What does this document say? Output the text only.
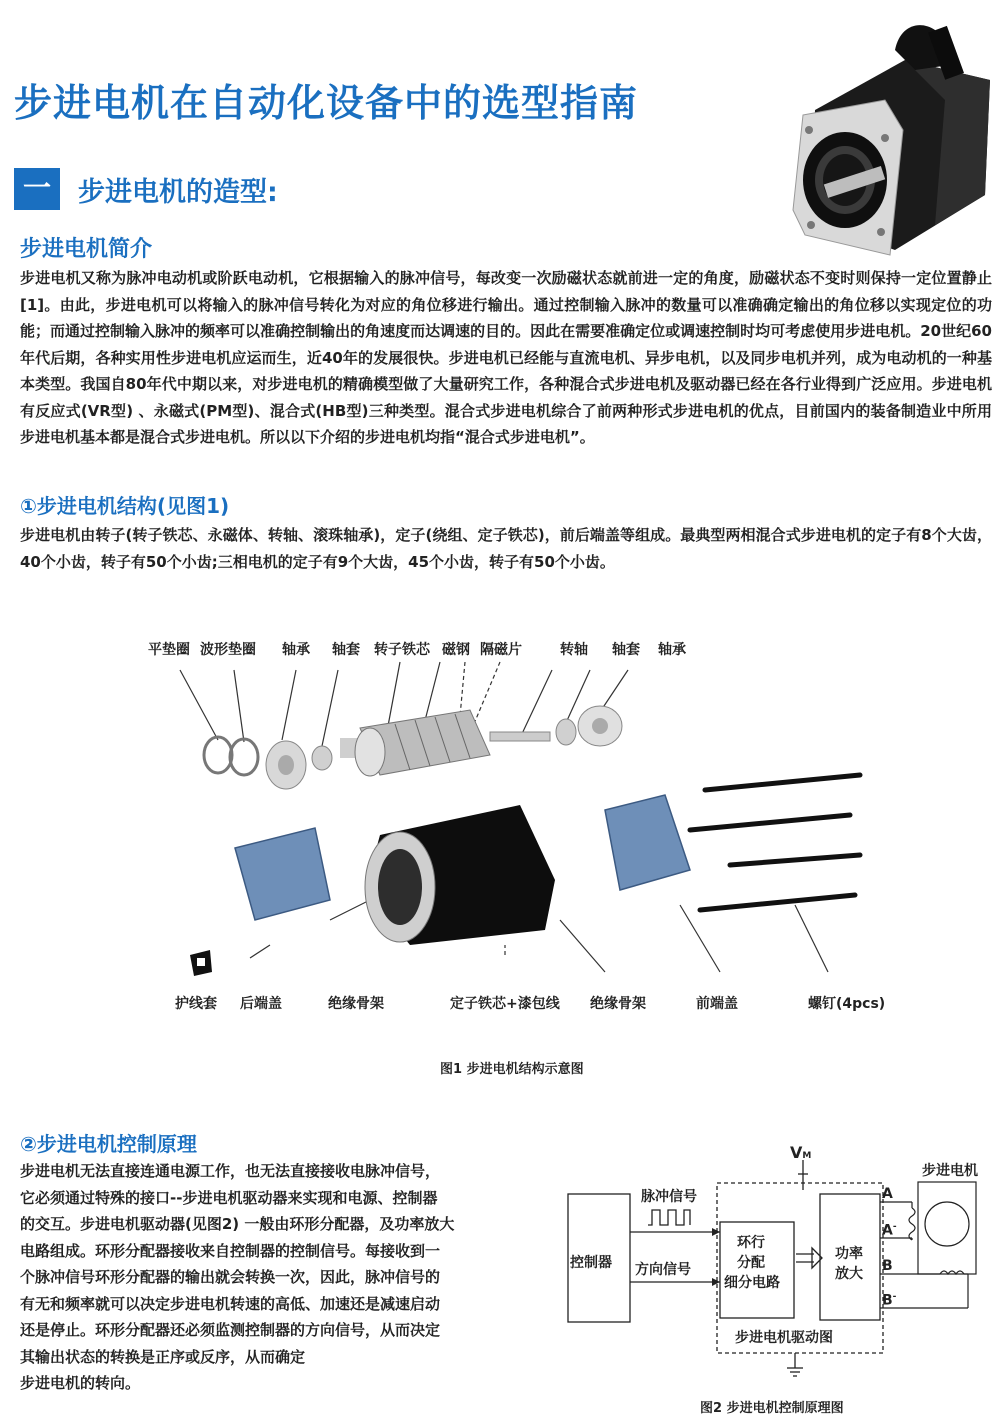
步进电机在自动化设备中的选型指南
一	步进电机的造型:
步进电机简介
步进电机又称为脉冲电动机或阶跃电动机，它根据输入的脉冲信号，每改变一次励磁状态就前进一定的角度，励磁状态不变时则保持一定位置静止[1]。由此，步进电机可以将输入的脉冲信号转化为对应的角位移进行输出。通过控制输入脉冲的数量可以准确确定输出的角位移以实现定位的功能；而通过控制输入脉冲的频率可以准确控制输出的角速度而达调速的目的。因此在需要准确定位或调速控制时均可考虑使用步进电机。20世纪60年代后期，各种实用性步进电机应运而生，近40年的发展很快。步进电机已经能与直流电机、异步电机，以及同步电机并列，成为电动机的一种基本类型。我国自80年代中期以来，对步进电机的精确模型做了大量研究工作，各种混合式步进电机及驱动器已经在各行业得到广泛应用。步进电机有反应式(VR型) 、永磁式(PM型)、混合式(HB型)三种类型。混合式步进电机综合了前两种形式步进电机的优点，目前国内的装备制造业中所用步进电机基本都是混合式步进电机。所以以下介绍的步进电机均指“混合式步进电机”。
①步进电机结构(见图1)
步进电机由转子(转子铁芯、永磁体、转轴、滚珠轴承)，定子(绕组、定子铁芯)，前后端盖等组成。最典型两相混合式步进电机的定子有8个大齿，40个小齿，转子有50个小齿;三相电机的定子有9个大齿，45个小齿，转子有50个小齿。
平垫圈 波形垫圈 轴承 轴套 转子铁芯 磁钢 隔磁片	转轴 轴套 轴承
护线套 后端盖	绝缘骨架	定子铁芯+漆包线 绝缘骨架	前端盖	螺钉(4pcs)
图1 步进电机结构示意图
②步进电机控制原理
步进电机无法直接连通电源工作，也无法直接接收电脉冲信号，
它必须通过特殊的接口--步进电机驱动器来实现和电源、控制器
的交互。步进电机驱动器(见图2) 一般由环形分配器，及功率放大
电路组成。环形分配器接收来自控制器的控制信号。每接收到一
个脉冲信号环形分配器的输出就会转换一次，因此，脉冲信号的
有无和频率就可以决定步进电机转速的高低、加速还是减速启动
还是停止。环形分配器还必须监测控制器的方向信号，从而决定
其输出状态的转换是正序或反序，从而确定
步进电机的转向。
VM
控制器
脉冲信号
方向信号
环行
分配
细分电路
功率
放大
步进电机驱动图
步进电机
A
A-
B
B-
图2 步进电机控制原理图
